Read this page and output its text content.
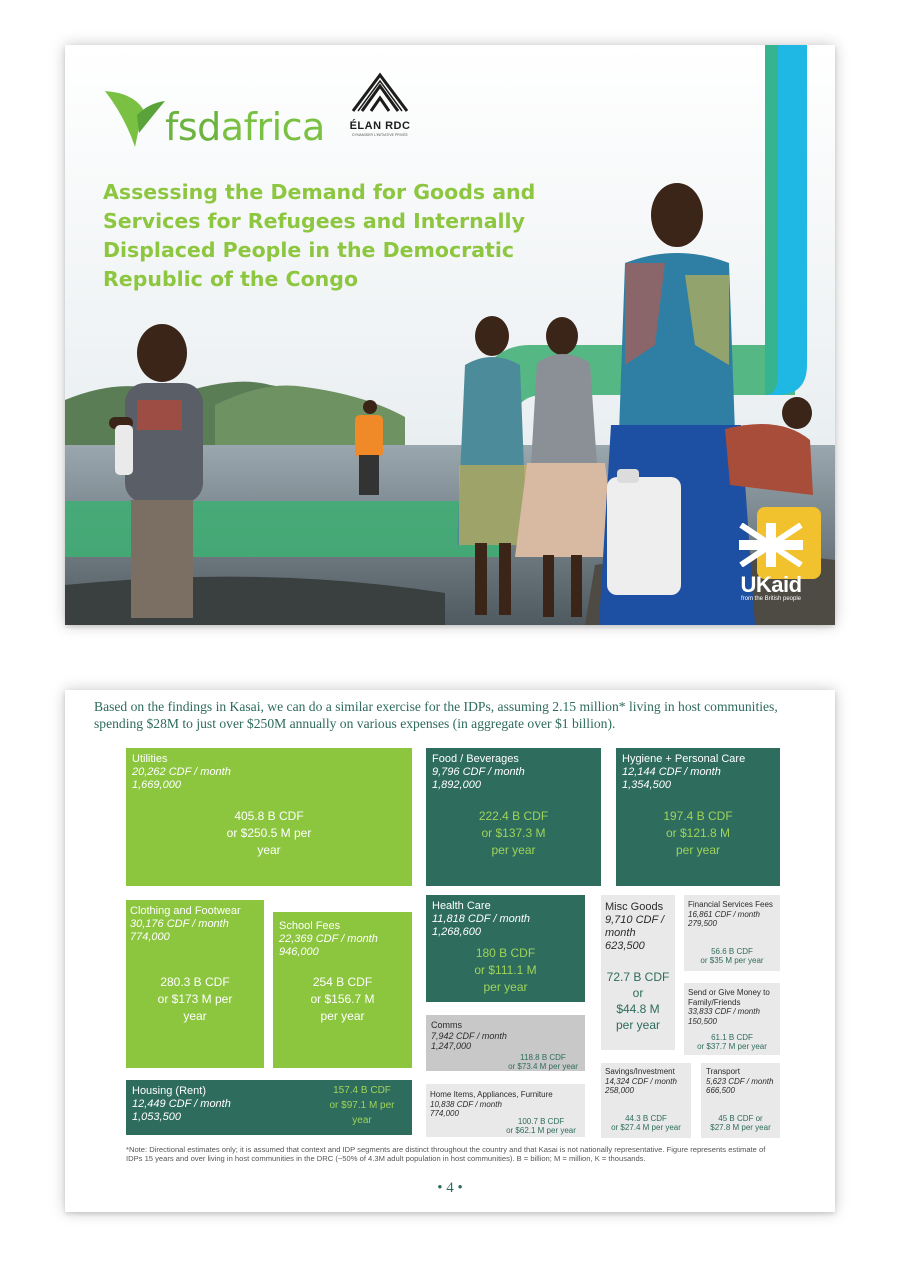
fsdafrica ÉLAN RDC
DYNAMISER L'INITIATIVE PRIVÉE
Assessing the Demand for Goods and Services for Refugees and Internally Displaced People in the Democratic Republic of the Congo
UKaid
from the British people

Based on the findings in Kasai, we can do a similar exercise for the IDPs, assuming 2.15 million* living in host communities, spending $28M to just over $250M annually on various expenses (in aggregate over $1 billion).

Utilities
20,262 CDF / month
1,669,000
405.8 B CDF
or $250.5 M per
year
Food / Beverages
9,796 CDF / month
1,892,000
222.4 B CDF
or $137.3 M
per year
Hygiene + Personal Care
12,144 CDF / month
1,354,500
197.4 B CDF
or $121.8 M
per year
Clothing and Footwear
30,176 CDF / month
774,000
280.3 B CDF
or $173 M per
year
School Fees
22,369 CDF / month
946,000
254 B CDF
or $156.7 M
per year
Health Care
11,818 CDF / month
1,268,600
180 B CDF
or $111.1 M
per year
Misc Goods
9,710 CDF / month
623,500
72.7 B CDF
or
$44.8 M
per year
Financial Services Fees
16,861 CDF / month
279,500
56.6 B CDF
or $35 M per year
Comms
7,942 CDF / month
1,247,000
118.8 B CDF
or $73.4 M per year
Send or Give Money to Family/Friends
33,833 CDF / month
150,500
61.1 B CDF
or $37.7 M per year
Housing (Rent)
12,449 CDF / month
1,053,500
157.4 B CDF
or $97.1 M per
year
Home Items, Appliances, Furniture
10,838 CDF / month
774,000
100.7 B CDF
or $62.1 M per year
Savings/Investment
14,324 CDF / month
258,000
44.3 B CDF
or $27.4 M per year
Transport
5,623 CDF / month
666,500
45 B CDF or
$27.8 M per year

*Note: Directional estimates only; it is assumed that context and IDP segments are distinct throughout the country and that Kasai is not nationally representative. Figure represents estimate of IDPs 15 years and over living in host communities in the DRC (~50% of 4.3M adult population in host communities). B = billion; M = million, K = thousands.

• 4 •
